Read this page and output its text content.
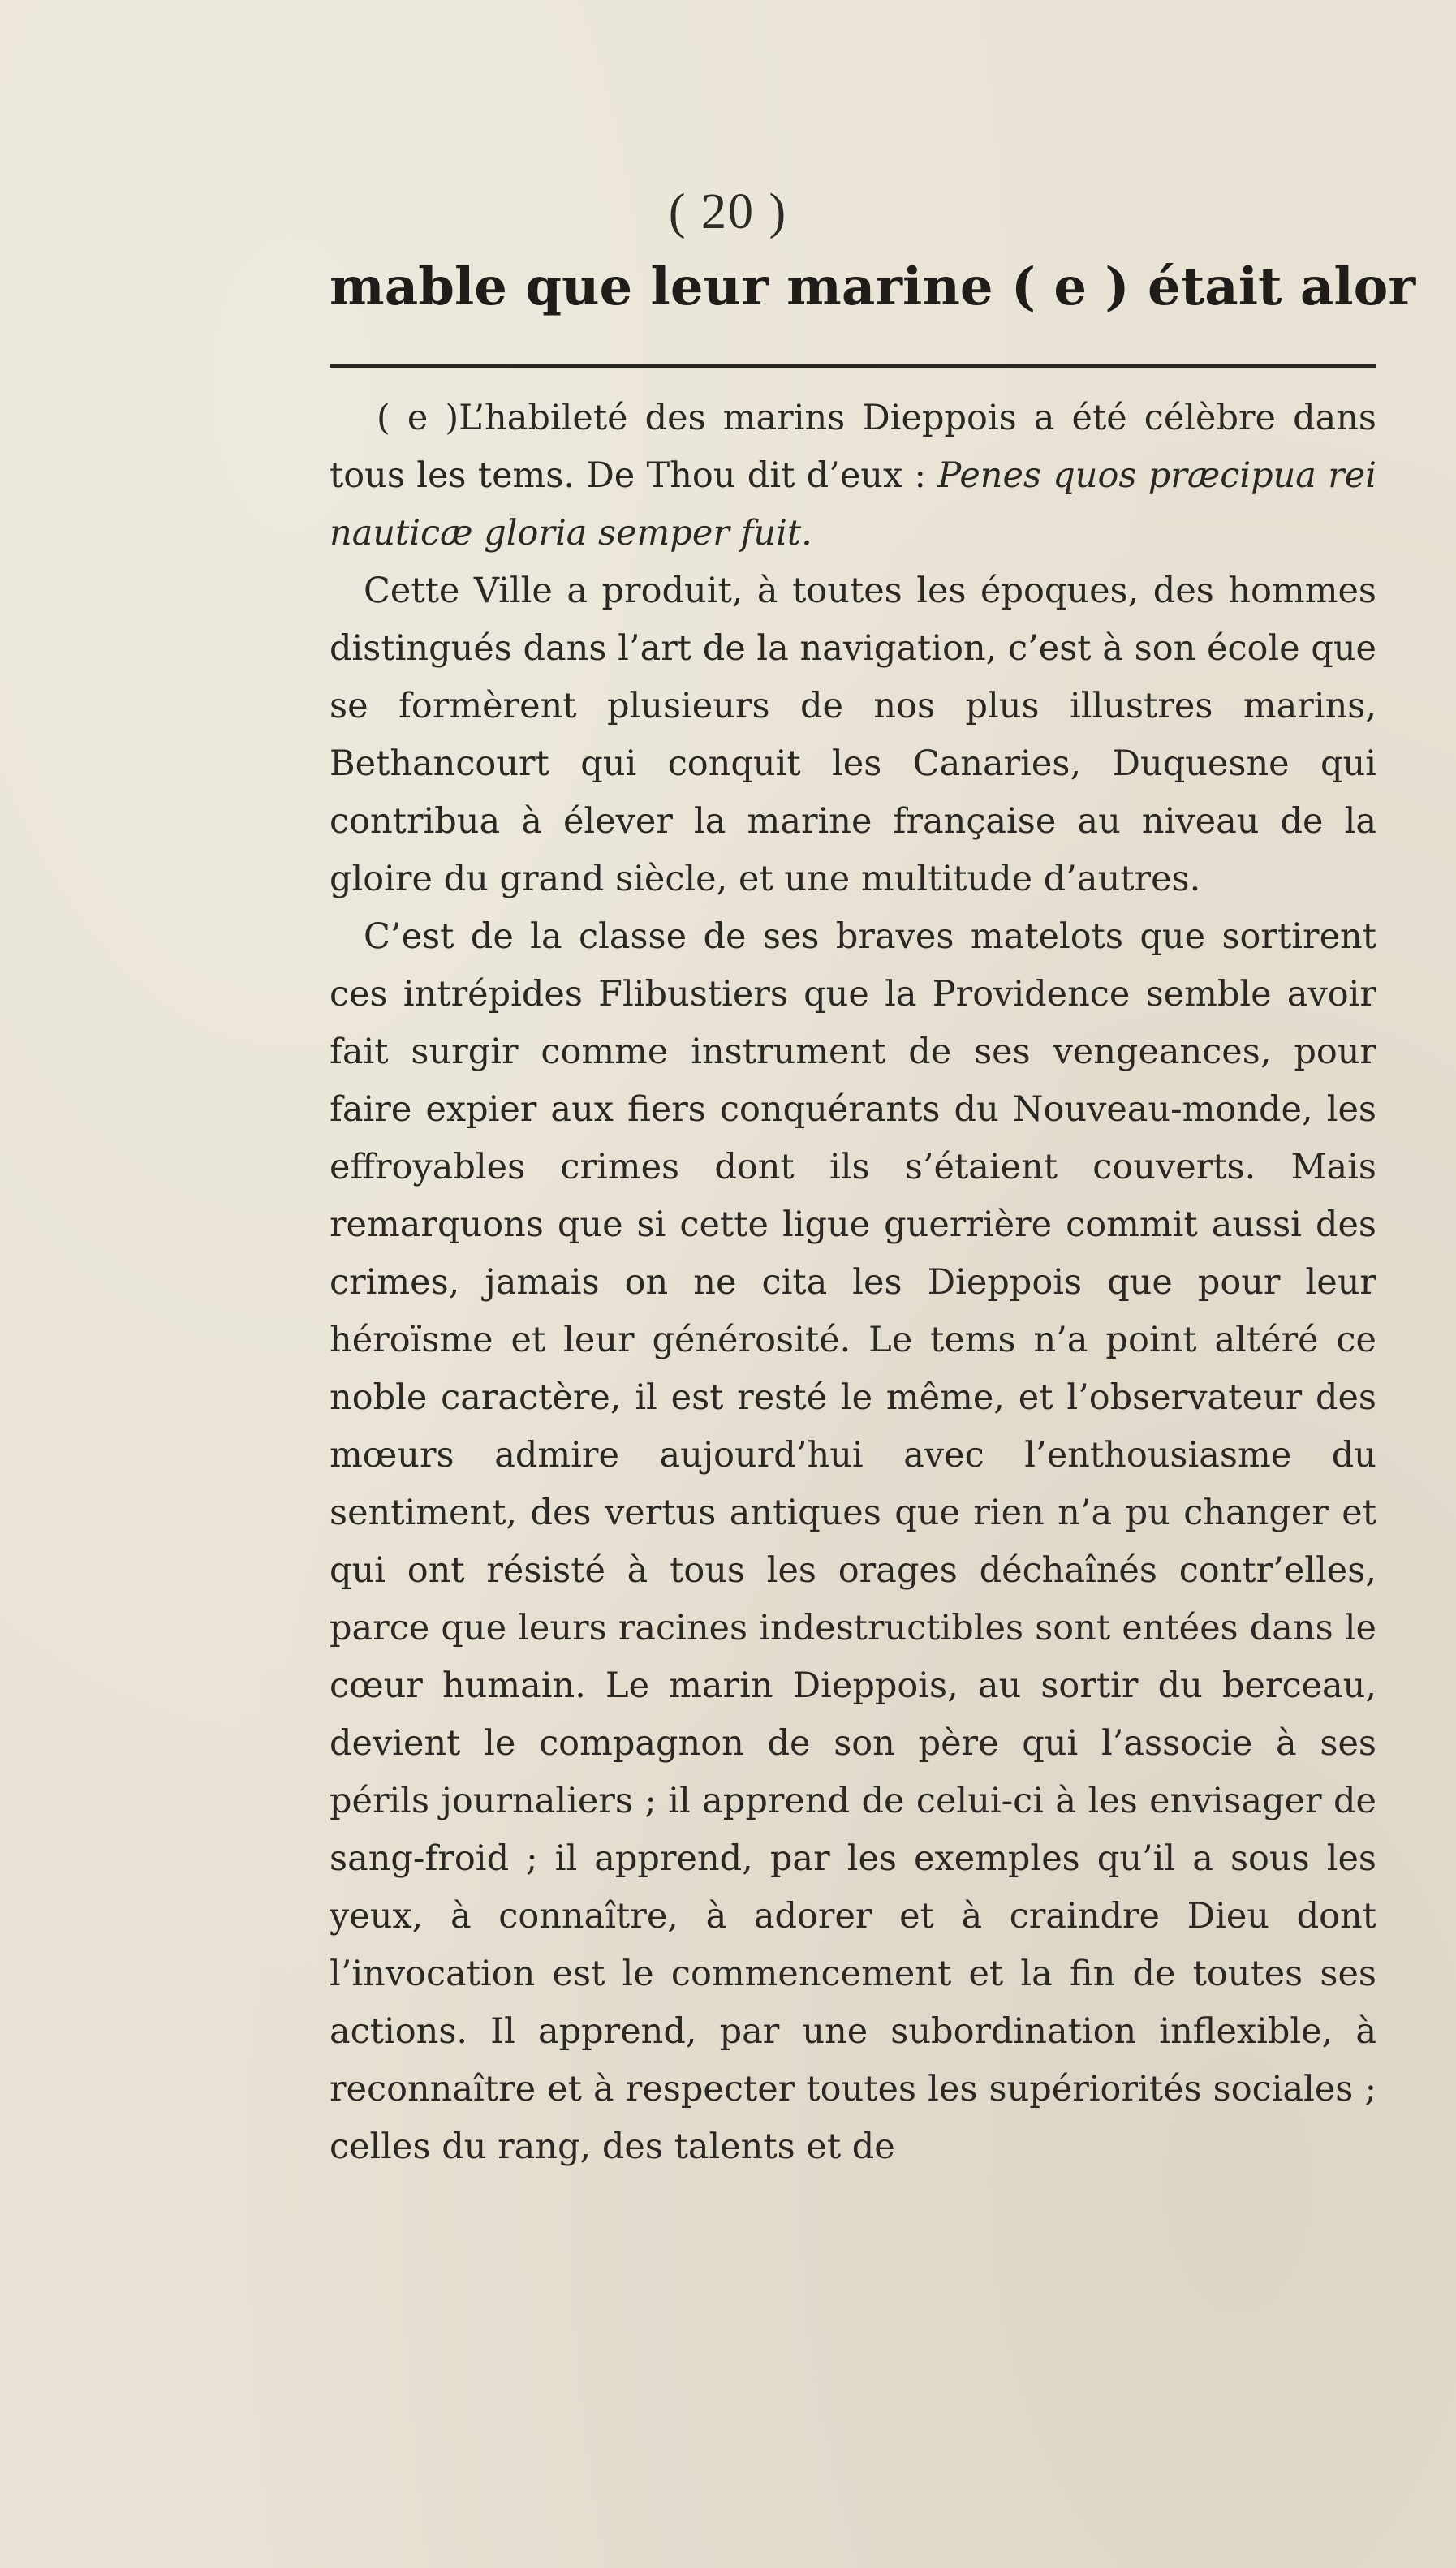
( 20 )
mable que leur marine ( e ) était alor

( e )L’habileté des marins Dieppois a été célèbre dans tous les tems. De Thou dit d’eux : Penes quos præcipua rei nauticæ gloria semper fuit.

Cette Ville a produit, à toutes les époques, des hommes distingués dans l’art de la navigation, c’est à son école que se formèrent plusieurs de nos plus illustres marins, Bethancourt qui conquit les Canaries, Duquesne qui contribua à élever la marine française au niveau de la gloire du grand siècle, et une multitude d’autres.

C’est de la classe de ses braves matelots que sortirent ces intrépides Flibustiers que la Providence semble avoir fait surgir comme instrument de ses vengeances, pour faire expier aux fiers conquérants du Nouveau-monde, les effroyables crimes dont ils s’étaient couverts. Mais remarquons que si cette ligue guerrière commit aussi des crimes, jamais on ne cita les Dieppois que pour leur héroïsme et leur générosité. Le tems n’a point altéré ce noble caractère, il est resté le même, et l’observateur des mœurs admire aujourd’hui avec l’enthousiasme du sentiment, des vertus antiques que rien n’a pu changer et qui ont résisté à tous les orages déchaînés contr’elles, parce que leurs racines indestructibles sont entées dans le cœur humain. Le marin Dieppois, au sortir du berceau, devient le compagnon de son père qui l’associe à ses périls journaliers ; il apprend de celui-ci à les envisager de sang-froid ; il apprend, par les exemples qu’il a sous les yeux, à connaître, à adorer et à craindre Dieu dont l’invocation est le commencement et la fin de toutes ses actions. Il apprend, par une subordination inflexible, à reconnaître et à respecter toutes les supériorités sociales ; celles du rang, des talents et de
